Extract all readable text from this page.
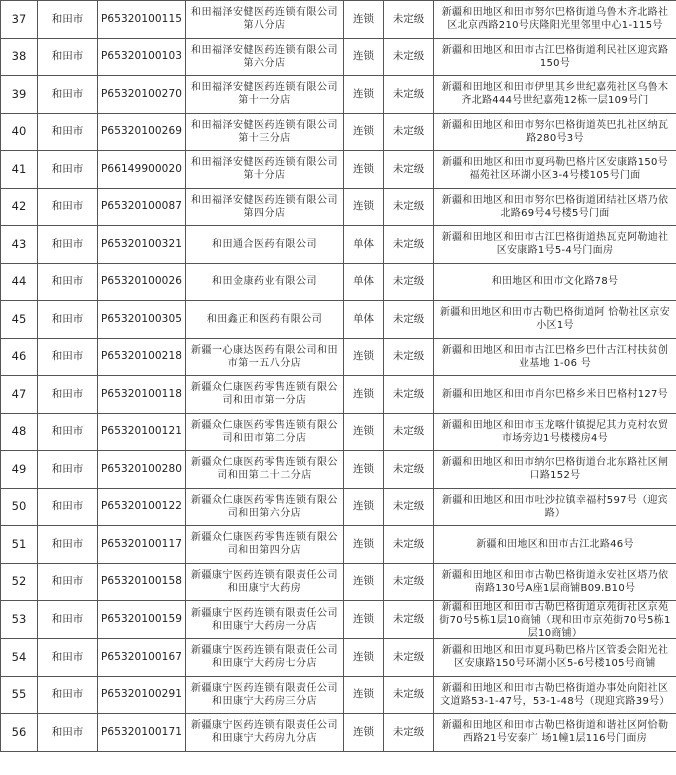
37	和田市	P65320100115	和田福泽安健医药连锁有限公司第八分店	连锁	未定级	新疆和田地区和田市努尔巴格街道乌鲁木齐北路社区北京西路210号庆隆阳光里邻里中心1-115号

38	和田市	P65320100103	和田福泽安健医药连锁有限公司第六分店	连锁	未定级	新疆和田地区和田市古江巴格街道利民社区迎宾路150号

39	和田市	P65320100270	和田福泽安健医药连锁有限公司第十一分店	连锁	未定级	新疆和田地区和田市伊里其乡世纪嘉苑社区乌鲁木齐北路444号世纪嘉苑12栋一层109号门

40	和田市	P65320100269	和田福泽安健医药连锁有限公司第十三分店	连锁	未定级	新疆和田地区和田市努尔巴格街道英巴扎社区纳瓦路280号3号

41	和田市	P66149900020	和田福泽安健医药连锁有限公司第十分店	连锁	未定级	新疆和田地区和田市夏玛勒巴格片区安康路150号福苑社区环湖小区3-4号楼105号门面

42	和田市	P65320100087	和田福泽安健医药连锁有限公司第四分店	连锁	未定级	新疆和田地区和田市努尔巴格街道团结社区塔乃依北路69号4号楼5号门面

43	和田市	P65320100321	和田通合医药有限公司	单体	未定级	新疆和田地区和田市古江巴格街道热瓦克阿勒迪社区安康路1号5-4号门面房

44	和田市	P65320100026	和田金康药业有限公司	单体	未定级	和田地区和田市文化路78号

45	和田市	P65320100305	和田鑫正和医药有限公司	单体	未定级	新疆和田地区和田市古勒巴格街道阿 恰勒社区京安小区1号

46	和田市	P65320100218	新疆一心康达医药有限公司和田市第一五八分店	连锁	未定级	新疆和田地区和田市古江巴格乡巴什古江村扶贫创业基地 1-06 号

47	和田市	P65320100118	新疆众仁康医药零售连锁有限公司和田市第一分店	连锁	未定级	新疆和田地区和田市肖尔巴格乡米日巴格村127号

48	和田市	P65320100121	新疆众仁康医药零售连锁有限公司和田市第二分店	连锁	未定级	新疆和田地区和田市玉龙喀什镇提尼其力克村农贸市场旁边1号楼楼房4号

49	和田市	P65320100280	新疆众仁康医药零售连锁有限公司和田第二十二分店	连锁	未定级	新疆和田地区和田市纳尔巴格街道台北东路社区闸口路152号

50	和田市	P65320100122	新疆众仁康医药零售连锁有限公司和田第六分店	连锁	未定级	新疆和田地区和田市吐沙拉镇幸福村597号（迎宾路）

51	和田市	P65320100117	新疆众仁康医药零售连锁有限公司和田第四分店	连锁	未定级	新疆和田地区和田市古江北路46号

52	和田市	P65320100158	新疆康宁医药连锁有限责任公司和田康宁大药房	连锁	未定级	新疆和田地区和田市古勒巴格街道永安社区塔乃依南路130号A座1层商铺B09.B10号

53	和田市	P65320100159	新疆康宁医药连锁有限责任公司和田康宁大药房一分店	连锁	未定级	新疆和田地区和田市古勒巴格街道京苑街社区京苑街70号5栋1层10商铺（现和田市京苑街70号5栋1层10商铺）

54	和田市	P65320100167	新疆康宁医药连锁有限责任公司和田康宁大药房七分店	连锁	未定级	新疆和田地区和田市夏玛勒巴格片区管委会阳光社区安康路150号环湖小区5-6号楼105号商铺

55	和田市	P65320100291	新疆康宁医药连锁有限责任公司和田康宁大药房三分店	连锁	未定级	新疆和田地区和田市古勒巴格街道办事处向阳社区文道路53-1-47号，53-1-48号（现迎宾路39号）

56	和田市	P65320100171	新疆康宁医药连锁有限责任公司和田康宁大药房九分店	连锁	未定级	新疆和田地区和田市古勒巴格街道和谐社区阿恰勒西路21号安泰广 场1幢1层116号门面房
